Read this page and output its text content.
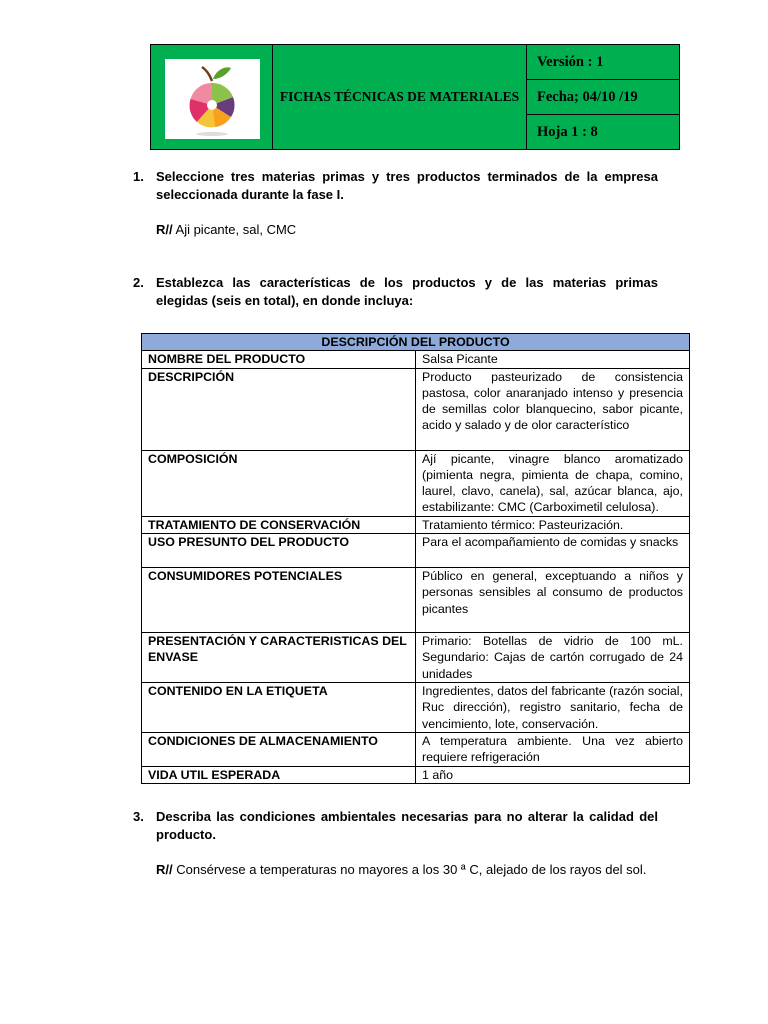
	FICHAS TÉCNICAS DE MATERIALES	Versión : 1
Fecha; 04/10 /19
Hoja 1 : 8
1. Seleccione tres materias primas y tres productos terminados de la empresa seleccionada durante la fase I.
R// Aji picante, sal, CMC
2. Establezca las características de los productos y de las materias primas elegidas (seis en total), en donde incluya:
DESCRIPCIÓN DEL PRODUCTO	
NOMBRE DEL PRODUCTO	Salsa Picante
DESCRIPCIÓN	Producto pasteurizado de consistencia pastosa, color anaranjado intenso y presencia de semillas color blanquecino, sabor picante, acido y salado y de olor característico
COMPOSICIÓN	Ají picante, vinagre blanco aromatizado (pimienta negra, pimienta de chapa, comino, laurel, clavo, canela), sal, azúcar blanca, ajo, estabilizante: CMC (Carboximetil celulosa).
TRATAMIENTO DE CONSERVACIÓN	Tratamiento térmico: Pasteurización.
USO PRESUNTO DEL PRODUCTO	Para el acompañamiento de comidas y snacks
CONSUMIDORES POTENCIALES	Público en general, exceptuando a niños y personas sensibles al consumo de productos picantes
PRESENTACIÓN Y CARACTERISTICAS DEL ENVASE	Primario: Botellas de vidrio de 100 mL. Segundario: Cajas de cartón corrugado de 24 unidades
CONTENIDO EN LA ETIQUETA	Ingredientes, datos del fabricante (razón social, Ruc dirección), registro sanitario, fecha de vencimiento, lote, conservación.
CONDICIONES DE ALMACENAMIENTO	A temperatura ambiente. Una vez abierto requiere refrigeración
VIDA UTIL ESPERADA	1 año
3. Describa las condiciones ambientales necesarias para no alterar la calidad del producto.
R// Consérvese a temperaturas no mayores a los 30 ª C, alejado de los rayos del sol.
